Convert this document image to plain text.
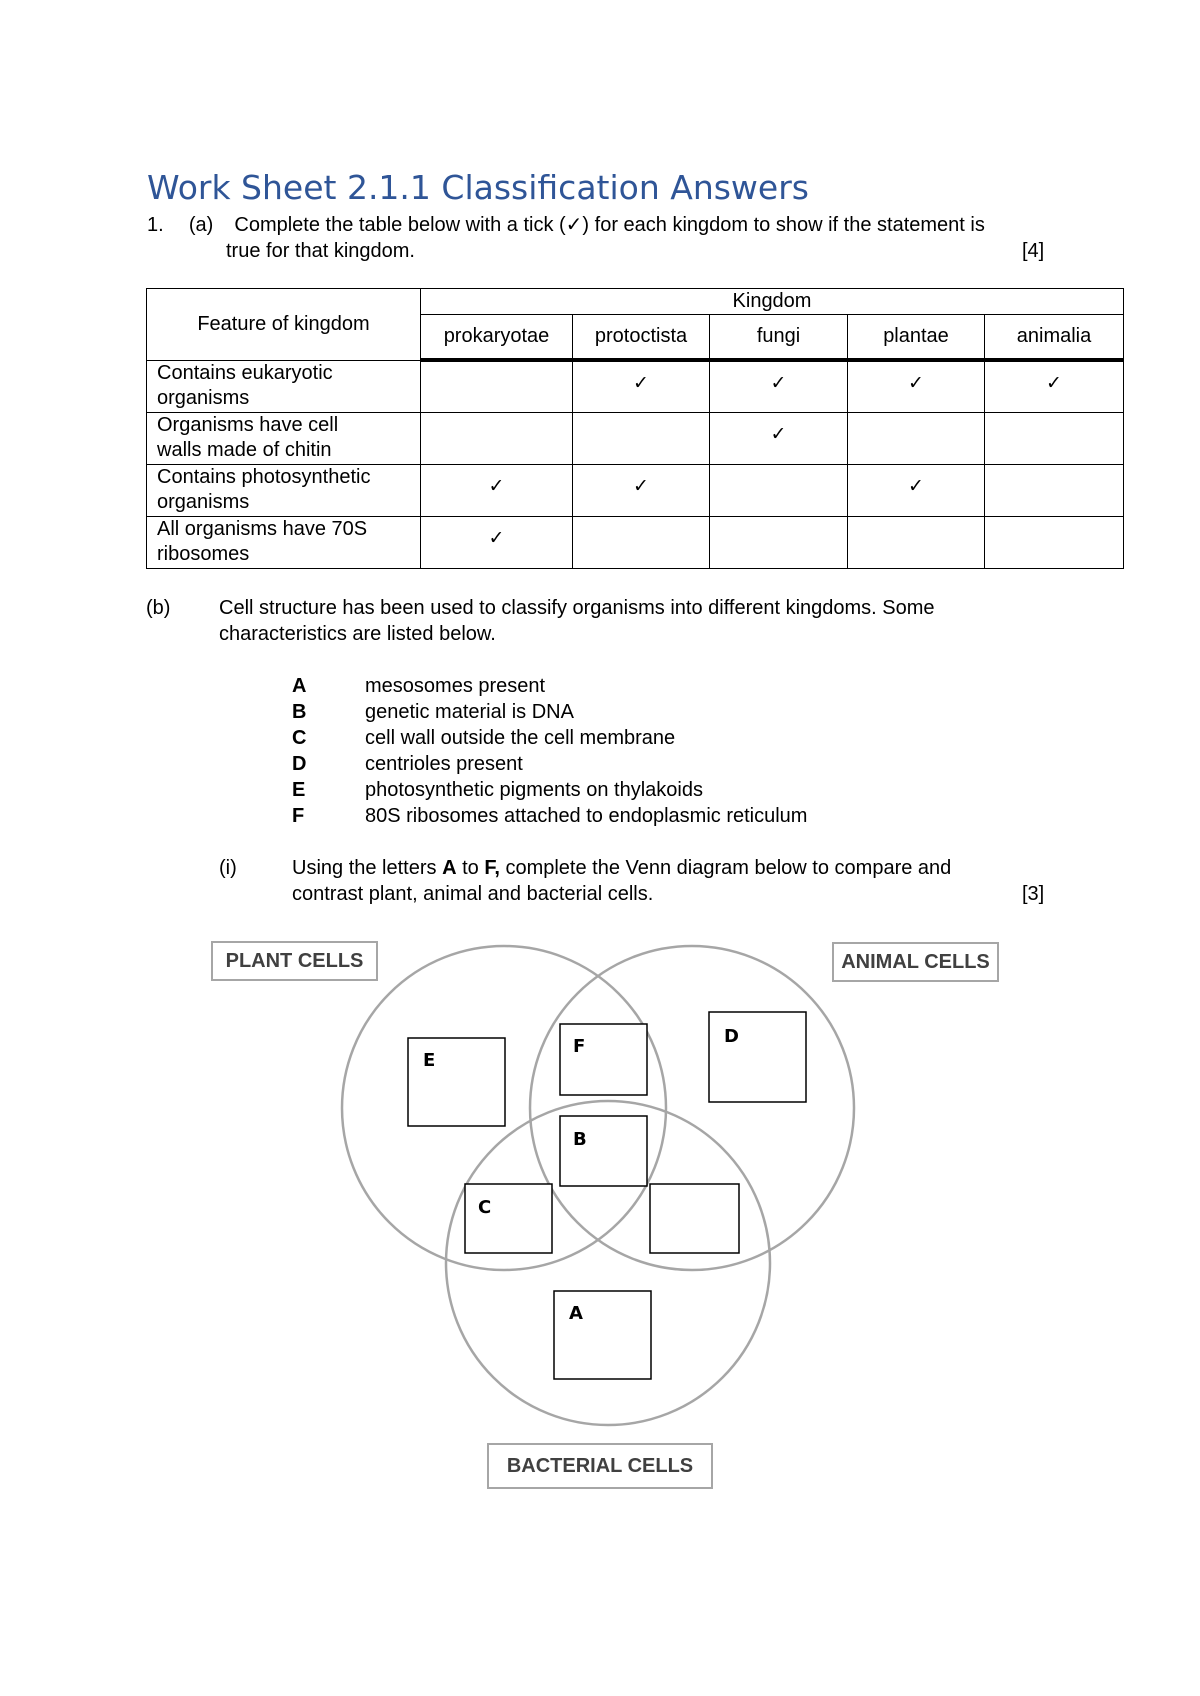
Work Sheet 2.1.1 Classification Answers
1. (a) Complete the table below with a tick (✓) for each kingdom to show if the statement is
true for that kingdom.	[4]
Feature of kingdom	Kingdom				
	prokaryotae	protoctista	fungi	plantae	animalia
Contains eukaryotic
organisms		✓	✓	✓	✓
Organisms have cell
walls made of chitin			✓		
Contains photosynthetic
organisms	✓	✓		✓	
All organisms have 70S
ribosomes	✓				
(b) Cell structure has been used to classify organisms into different kingdoms. Some
characteristics are listed below.
A	mesosomes present
B	genetic material is DNA
C	cell wall outside the cell membrane
D	centrioles present
E	photosynthetic pigments on thylakoids
F	80S ribosomes attached to endoplasmic reticulum
(i)	Using the letters A to F, complete the Venn diagram below to compare and
contrast plant, animal and bacterial cells.	[3]
E
F	D
B
C
A
PLANT CELLS	ANIMAL CELLS
BACTERIAL CELLS
